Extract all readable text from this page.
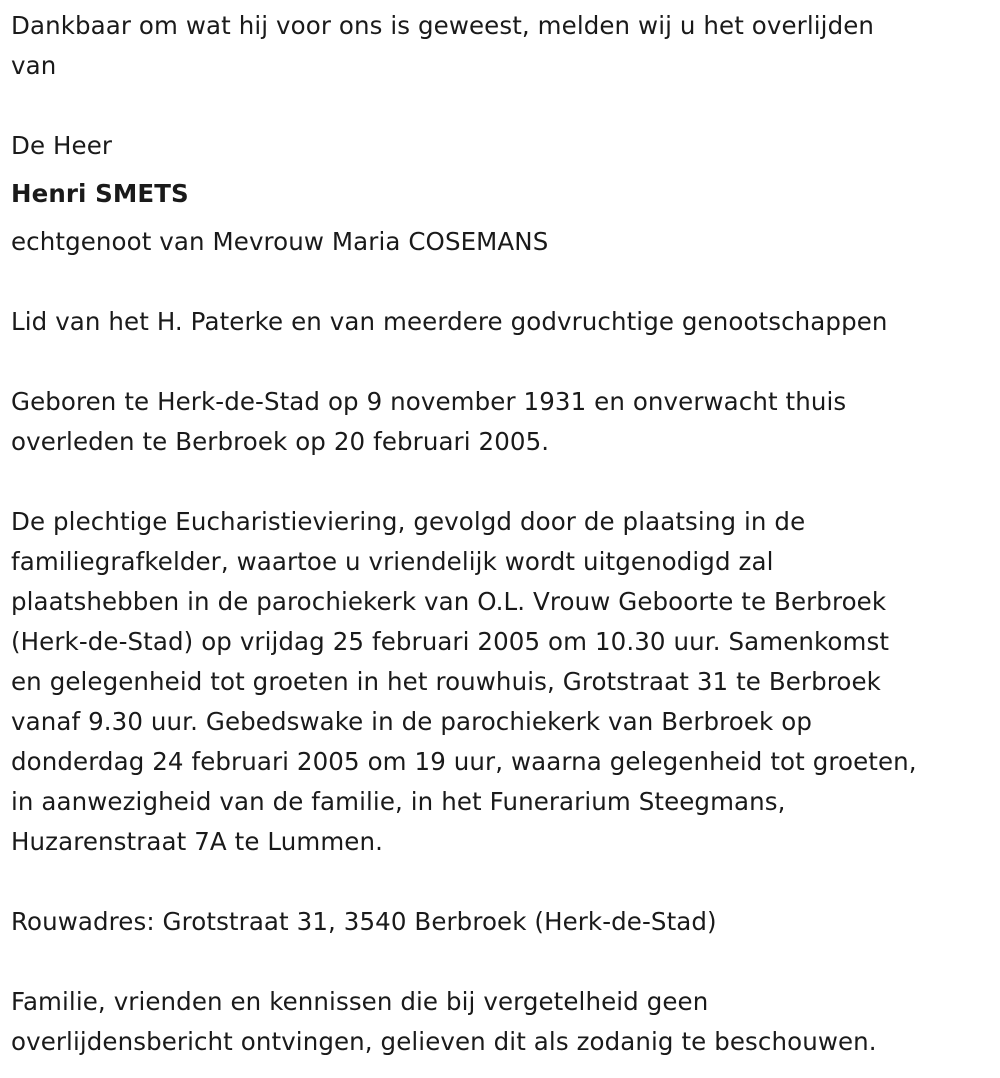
Dankbaar om wat hij voor ons is geweest, melden wij u het overlijden
van
De Heer
Henri SMETS
echtgenoot van Mevrouw Maria COSEMANS
Lid van het H. Paterke en van meerdere godvruchtige genootschappen
Geboren te Herk-de-Stad op 9 november 1931 en onverwacht thuis
overleden te Berbroek op 20 februari 2005.
De plechtige Eucharistieviering, gevolgd door de plaatsing in de
familiegrafkelder, waartoe u vriendelijk wordt uitgenodigd zal
plaatshebben in de parochiekerk van O.L. Vrouw Geboorte te Berbroek
(Herk-de-Stad) op vrijdag 25 februari 2005 om 10.30 uur. Samenkomst
en gelegenheid tot groeten in het rouwhuis, Grotstraat 31 te Berbroek
vanaf 9.30 uur. Gebedswake in de parochiekerk van Berbroek op
donderdag 24 februari 2005 om 19 uur, waarna gelegenheid tot groeten,
in aanwezigheid van de familie, in het Funerarium Steegmans,
Huzarenstraat 7A te Lummen.
Rouwadres: Grotstraat 31, 3540 Berbroek (Herk-de-Stad)
Familie, vrienden en kennissen die bij vergetelheid geen
overlijdensbericht ontvingen, gelieven dit als zodanig te beschouwen.
